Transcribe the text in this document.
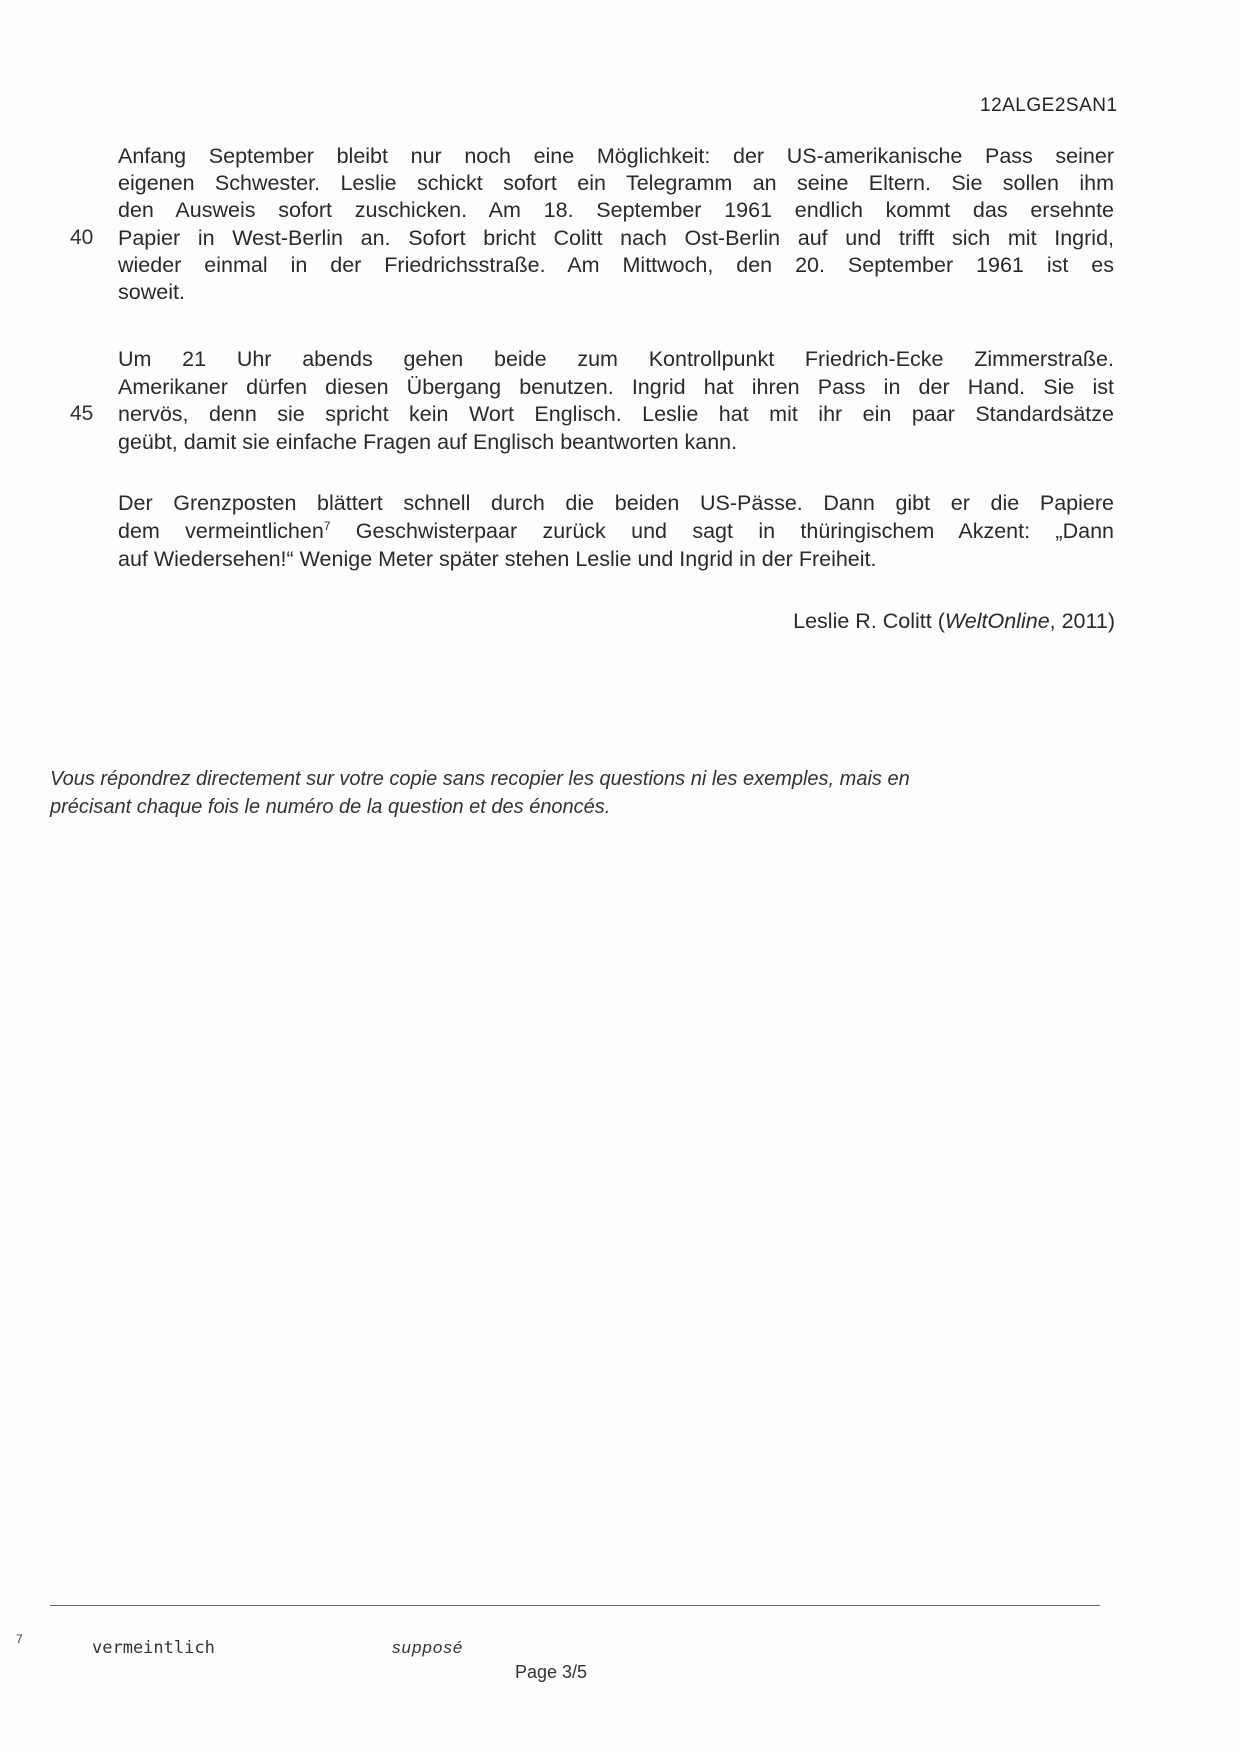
12ALGE2SAN1
Anfang September bleibt nur noch eine Möglichkeit: der US-amerikanische Pass seiner
eigenen Schwester. Leslie schickt sofort ein Telegramm an seine Eltern. Sie sollen ihm
den Ausweis sofort zuschicken. Am 18. September 1961 endlich kommt das ersehnte
40 Papier in West-Berlin an. Sofort bricht Colitt nach Ost-Berlin auf und trifft sich mit Ingrid,
wieder einmal in der Friedrichsstraße. Am Mittwoch, den 20. September 1961 ist es
soweit.
Um 21 Uhr abends gehen beide zum Kontrollpunkt Friedrich-Ecke Zimmerstraße.
Amerikaner dürfen diesen Übergang benutzen. Ingrid hat ihren Pass in der Hand. Sie ist
45 nervös, denn sie spricht kein Wort Englisch. Leslie hat mit ihr ein paar Standardsätze
geübt, damit sie einfache Fragen auf Englisch beantworten kann.
Der Grenzposten blättert schnell durch die beiden US-Pässe. Dann gibt er die Papiere
dem vermeintlichen$^7$ Geschwisterpaar zurück und sagt in thüringischem Akzent: „Dann
auf Wiedersehen!“ Wenige Meter später stehen Leslie und Ingrid in der Freiheit.
Leslie R. Colitt (WeltOnline, 2011)
Vous répondrez directement sur votre copie sans recopier les questions ni les exemples, mais en
précisant chaque fois le numéro de la question et des énoncés.
7	vermeintlich	supposé
Page 3/5
